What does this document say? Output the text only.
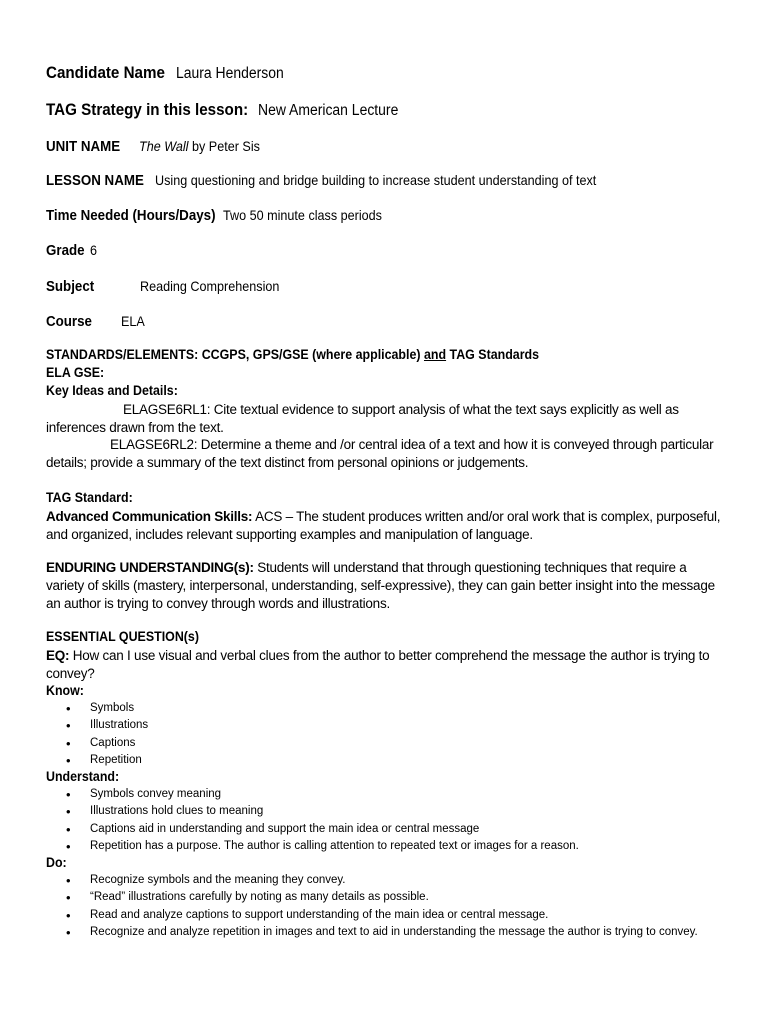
Candidate Name Laura Henderson
TAG Strategy in this lesson: New American Lecture
UNIT NAME The Wall by Peter Sis
LESSON NAME Using questioning and bridge building to increase student understanding of text
Time Needed (Hours/Days) Two 50 minute class periods
Grade 6
Subject	Reading Comprehension
Course ELA
STANDARDS/ELEMENTS: CCGPS, GPS/GSE (where applicable) and TAG Standards
ELA GSE:
Key Ideas and Details:
ELAGSE6RL1: Cite textual evidence to support analysis of what the text says explicitly as well as inferences drawn from the text.
ELAGSE6RL2: Determine a theme and /or central idea of a text and how it is conveyed through particular details; provide a summary of the text distinct from personal opinions or judgements.
TAG Standard:
Advanced Communication Skills: ACS – The student produces written and/or oral work that is complex, purposeful, and organized, includes relevant supporting examples and manipulation of language.
ENDURING UNDERSTANDING(s): Students will understand that through questioning techniques that require a variety of skills (mastery, interpersonal, understanding, self-expressive), they can gain better insight into the message an author is trying to convey through words and illustrations.
ESSENTIAL QUESTION(s)
EQ: How can I use visual and verbal clues from the author to better comprehend the message the author is trying to convey?
Know:
• Symbols
• Illustrations
• Captions
• Repetition
Understand:
• Symbols convey meaning
• Illustrations hold clues to meaning
• Captions aid in understanding and support the main idea or central message
• Repetition has a purpose. The author is calling attention to repeated text or images for a reason.
Do:
• Recognize symbols and the meaning they convey.
• “Read” illustrations carefully by noting as many details as possible.
• Read and analyze captions to support understanding of the main idea or central message.
• Recognize and analyze repetition in images and text to aid in understanding the message the author is trying to convey.
